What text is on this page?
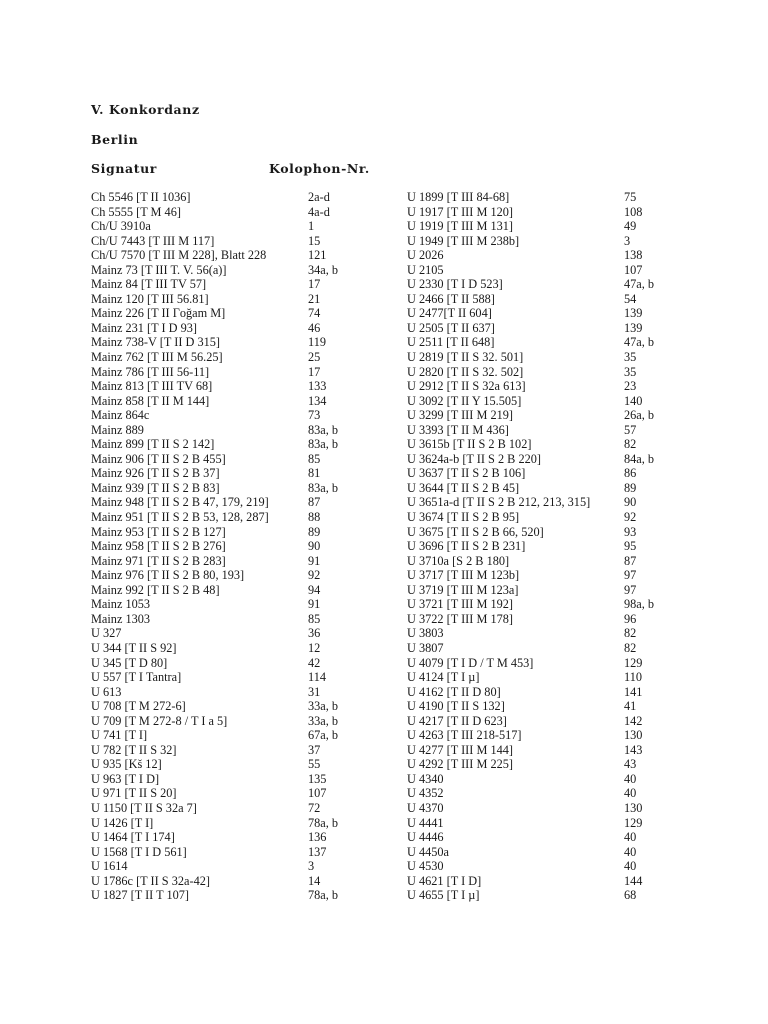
V. Konkordanz
Berlin
Signatur	Kolophon-Nr.
Ch 5546 [T II 1036]	2a-d
Ch 5555 [T M 46]	4a-d
Ch/U 3910a	1
Ch/U 7443 [T III M 117]	15
Ch/U 7570 [T III M 228], Blatt 228	121
Mainz 73 [T III T. V. 56(a)]	34a, b
Mainz 84 [T III TV 57]	17
Mainz 120 [T III 56.81]	21
Mainz 226 [T II Γoğam M]	74
Mainz 231 [T I D 93]	46
Mainz 738-V [T II D 315]	119
Mainz 762 [T III M 56.25]	25
Mainz 786 [T III 56-11]	17
Mainz 813 [T III TV 68]	133
Mainz 858 [T II M 144]	134
Mainz 864c	73
Mainz 889	83a, b
Mainz 899 [T II S 2 142]	83a, b
Mainz 906 [T II S 2 B 455]	85
Mainz 926 [T II S 2 B 37]	81
Mainz 939 [T II S 2 B 83]	83a, b
Mainz 948 [T II S 2 B 47, 179, 219]	87
Mainz 951 [T II S 2 B 53, 128, 287]	88
Mainz 953 [T II S 2 B 127]	89
Mainz 958 [T II S 2 B 276]	90
Mainz 971 [T II S 2 B 283]	91
Mainz 976 [T II S 2 B 80, 193]	92
Mainz 992 [T II S 2 B 48]	94
Mainz 1053	91
Mainz 1303	85
U 327	36
U 344 [T II S 92]	12
U 345 [T D 80]	42
U 557 [T I Tantra]	114
U 613	31
U 708 [T M 272-6]	33a, b
U 709 [T M 272-8 / T I a 5]	33a, b
U 741 [T I]	67a, b
U 782 [T II S 32]	37
U 935 [Kš 12]	55
U 963 [T I D]	135
U 971 [T II S 20]	107
U 1150 [T II S 32a 7]	72
U 1426 [T I]	78a, b
U 1464 [T I 174]	136
U 1568 [T I D 561]	137
U 1614	3
U 1786c [T II S 32a-42]	14
U 1827 [T II T 107]	78a, b
U 1899 [T III 84-68]	75
U 1917 [T III M 120]	108
U 1919 [T III M 131]	49
U 1949 [T III M 238b]	3
U 2026	138
U 2105	107
U 2330 [T I D 523]	47a, b
U 2466 [T II 588]	54
U 2477[T II 604]	139
U 2505 [T II 637]	139
U 2511 [T II 648]	47a, b
U 2819 [T II S 32. 501]	35
U 2820 [T II S 32. 502]	35
U 2912 [T II S 32a 613]	23
U 3092 [T II Y 15.505]	140
U 3299 [T III M 219]	26a, b
U 3393 [T II M 436]	57
U 3615b [T II S 2 B 102]	82
U 3624a-b [T II S 2 B 220]	84a, b
U 3637 [T II S 2 B 106]	86
U 3644 [T II S 2 B 45]	89
U 3651a-d [T II S 2 B 212, 213, 315]	90
U 3674 [T II S 2 B 95]	92
U 3675 [T II S 2 B 66, 520]	93
U 3696 [T II S 2 B 231]	95
U 3710a [S 2 B 180]	87
U 3717 [T III M 123b]	97
U 3719 [T III M 123a]	97
U 3721 [T III M 192]	98a, b
U 3722 [T III M 178]	96
U 3803	82
U 3807	82
U 4079 [T I D / T M 453]	129
U 4124 [T I µ]	110
U 4162 [T II D 80]	141
U 4190 [T II S 132]	41
U 4217 [T II D 623]	142
U 4263 [T III 218-517]	130
U 4277 [T III M 144]	143
U 4292 [T III M 225]	43
U 4340	40
U 4352	40
U 4370	130
U 4441	129
U 4446	40
U 4450a	40
U 4530	40
U 4621 [T I D]	144
U 4655 [T I µ]	68
